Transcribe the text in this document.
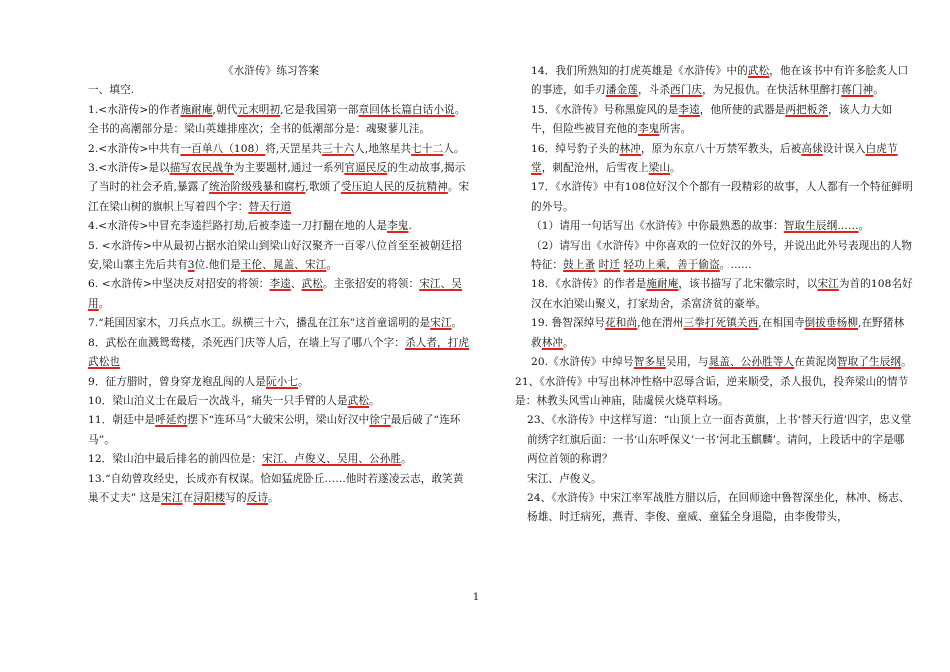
《水浒传》练习答案

一、填空.

1.<水浒传>的作者施耐庵,朝代元末明初,它是我国第一部章回体长篇白话小说。全书的高潮部分是：梁山英雄排座次；全书的低潮部分是：魂聚蓼儿洼。

2.<水浒传>中共有一百单八（108）将,天罡星共三十六人,地煞星共七十二人。

3.<水浒传>是以描写农民战争为主要题材,通过一系列官逼民反的生动故事,揭示了当时的社会矛盾,暴露了统治阶级残暴和腐朽,歌颂了受压迫人民的反抗精神。宋江在梁山树的旗帜上写着四个字：替天行道

4.<水浒传>中冒充李逵拦路打劫,后被李逵一刀打翻在地的人是李鬼.

5. <水浒传>中从最初占据水泊梁山到梁山好汉聚齐一百零八位首至至被朝廷招安,梁山寨主先后共有3位.他们是王伦、晁盖、宋江。

6. <水浒传>中坚决反对招安的将领：李逵、武松。主张招安的将领：宋江、吴用。

7.“耗国因家木，刀兵点水工。纵横三十六，播乱在江东”这首童谣明的是宋江。

8．武松在血溅鸳鸯楼，杀死西门庆等人后，在墙上写了哪八个字：杀人者，打虎武松也

9．征方腊时，曾身穿龙袍乱闯的人是阮小七。

10．梁山泊义士在最后一次战斗，痛失一只手臂的人是武松。

11．朝廷中是呼延灼摆下“连环马”大破宋公明，梁山好汉中徐宁最后破了“连环马”。

12．梁山泊中最后排名的前四位是：宋江、卢俊义、吴用、公孙胜。

13.“自幼曾攻经史，长成亦有权谋。恰如猛虎卧丘……他时若遂凌云志，敢笑黄巢不丈夫” 这是宋江在浔阳楼写的反诗。

14．我们所熟知的打虎英雄是《水浒传》中的武松，他在该书中有许多脍炙人口的事迹，如手刃潘金莲，斗杀西门庆，为兄报仇。在快活林里醉打蒋门神。

15．《水浒传》号称黑旋风的是李逵，他所使的武器是两把板斧，该人力大如牛，但险些被冒充他的李鬼所害。

16．绰号豹子头的林冲，原为东京八十万禁军教头，后被高俅设计误入白虎节堂，刺配沧州，后雪夜上梁山。

17．《水浒传》中有108位好汉个个都有一段精彩的故事，人人都有一个特征鲜明的外号。

（1）请用一句话写出《水浒传》中你最熟悉的故事：智取生辰纲……。

（2）请写出《水浒传》中你喜欢的一位好汉的外号，并说出此外号表现出的人物特征：鼓上蚤 时迁 轻功上乘，善于偷盗。……

18．《水浒传》的作者是施耐庵，该书描写了北宋徽宗时，以宋江为首的108名好汉在水泊梁山聚义，打家劫舍，杀富济贫的豪举。

19. 鲁智深绰号花和尚,他在渭州三拳打死镇关西,在相国寺倒拔垂杨柳,在野猪林救林冲。

20.《水浒传》中绰号智多星吴用，与晁盖、公孙胜等人在黄泥岗智取了生辰纲。

21、《水浒传》中写出林冲性格中忍辱含诟，逆来顺受，杀人报仇，投奔梁山的情节是：林教头风雪山神庙，陆虞侯火烧草料场。

23、《水浒传》中这样写道：“山顶上立一面杏黄旗，上书‘替天行道’四字，忠义堂前绣字红旗后面：一书‘山东呼保义’一书‘河北玉麒麟’。请问，上段话中的字是哪两位首领的称谓？

宋江、卢俊义。

24、《水浒传》中宋江率军战胜方腊以后，在回师途中鲁智深坐化，林冲、杨志、杨雄、时迁病死，燕青、李俊、童威、童猛全身退隐，由李俊带头，

1
